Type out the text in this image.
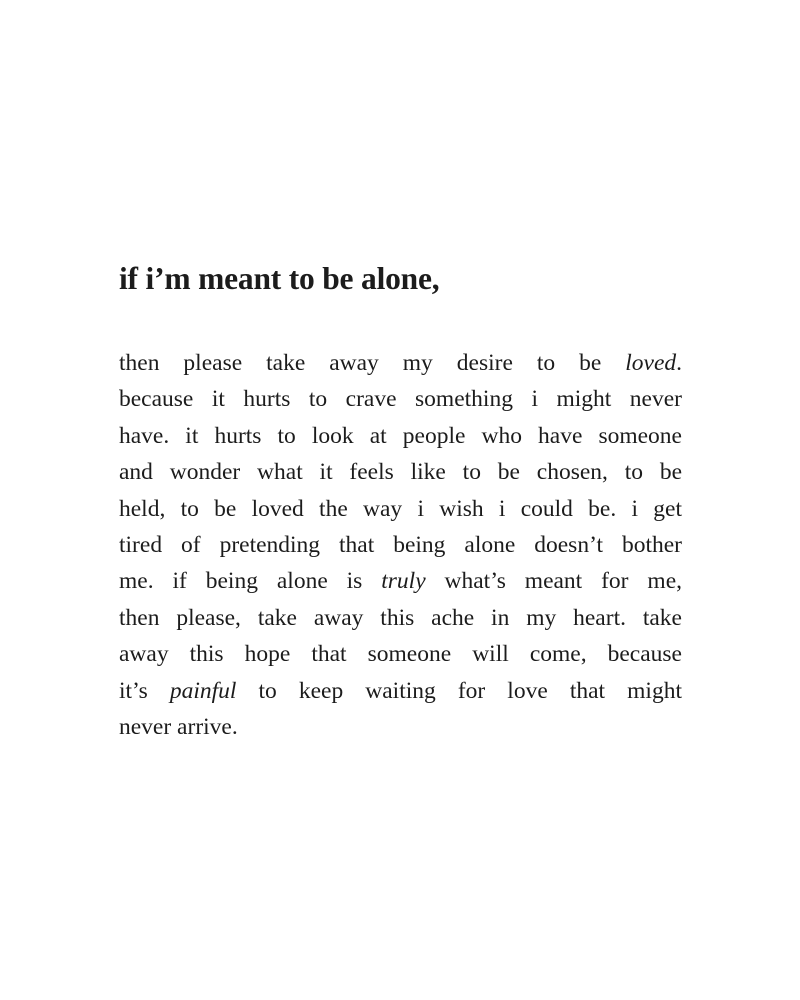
if i’m meant to be alone,
then please take away my desire to be loved.
because it hurts to crave something i might never
have. it hurts to look at people who have someone
and wonder what it feels like to be chosen, to be
held, to be loved the way i wish i could be. i get
tired of pretending that being alone doesn’t bother
me. if being alone is truly what’s meant for me,
then please, take away this ache in my heart. take
away this hope that someone will come, because
it’s painful to keep waiting for love that might
never arrive.
